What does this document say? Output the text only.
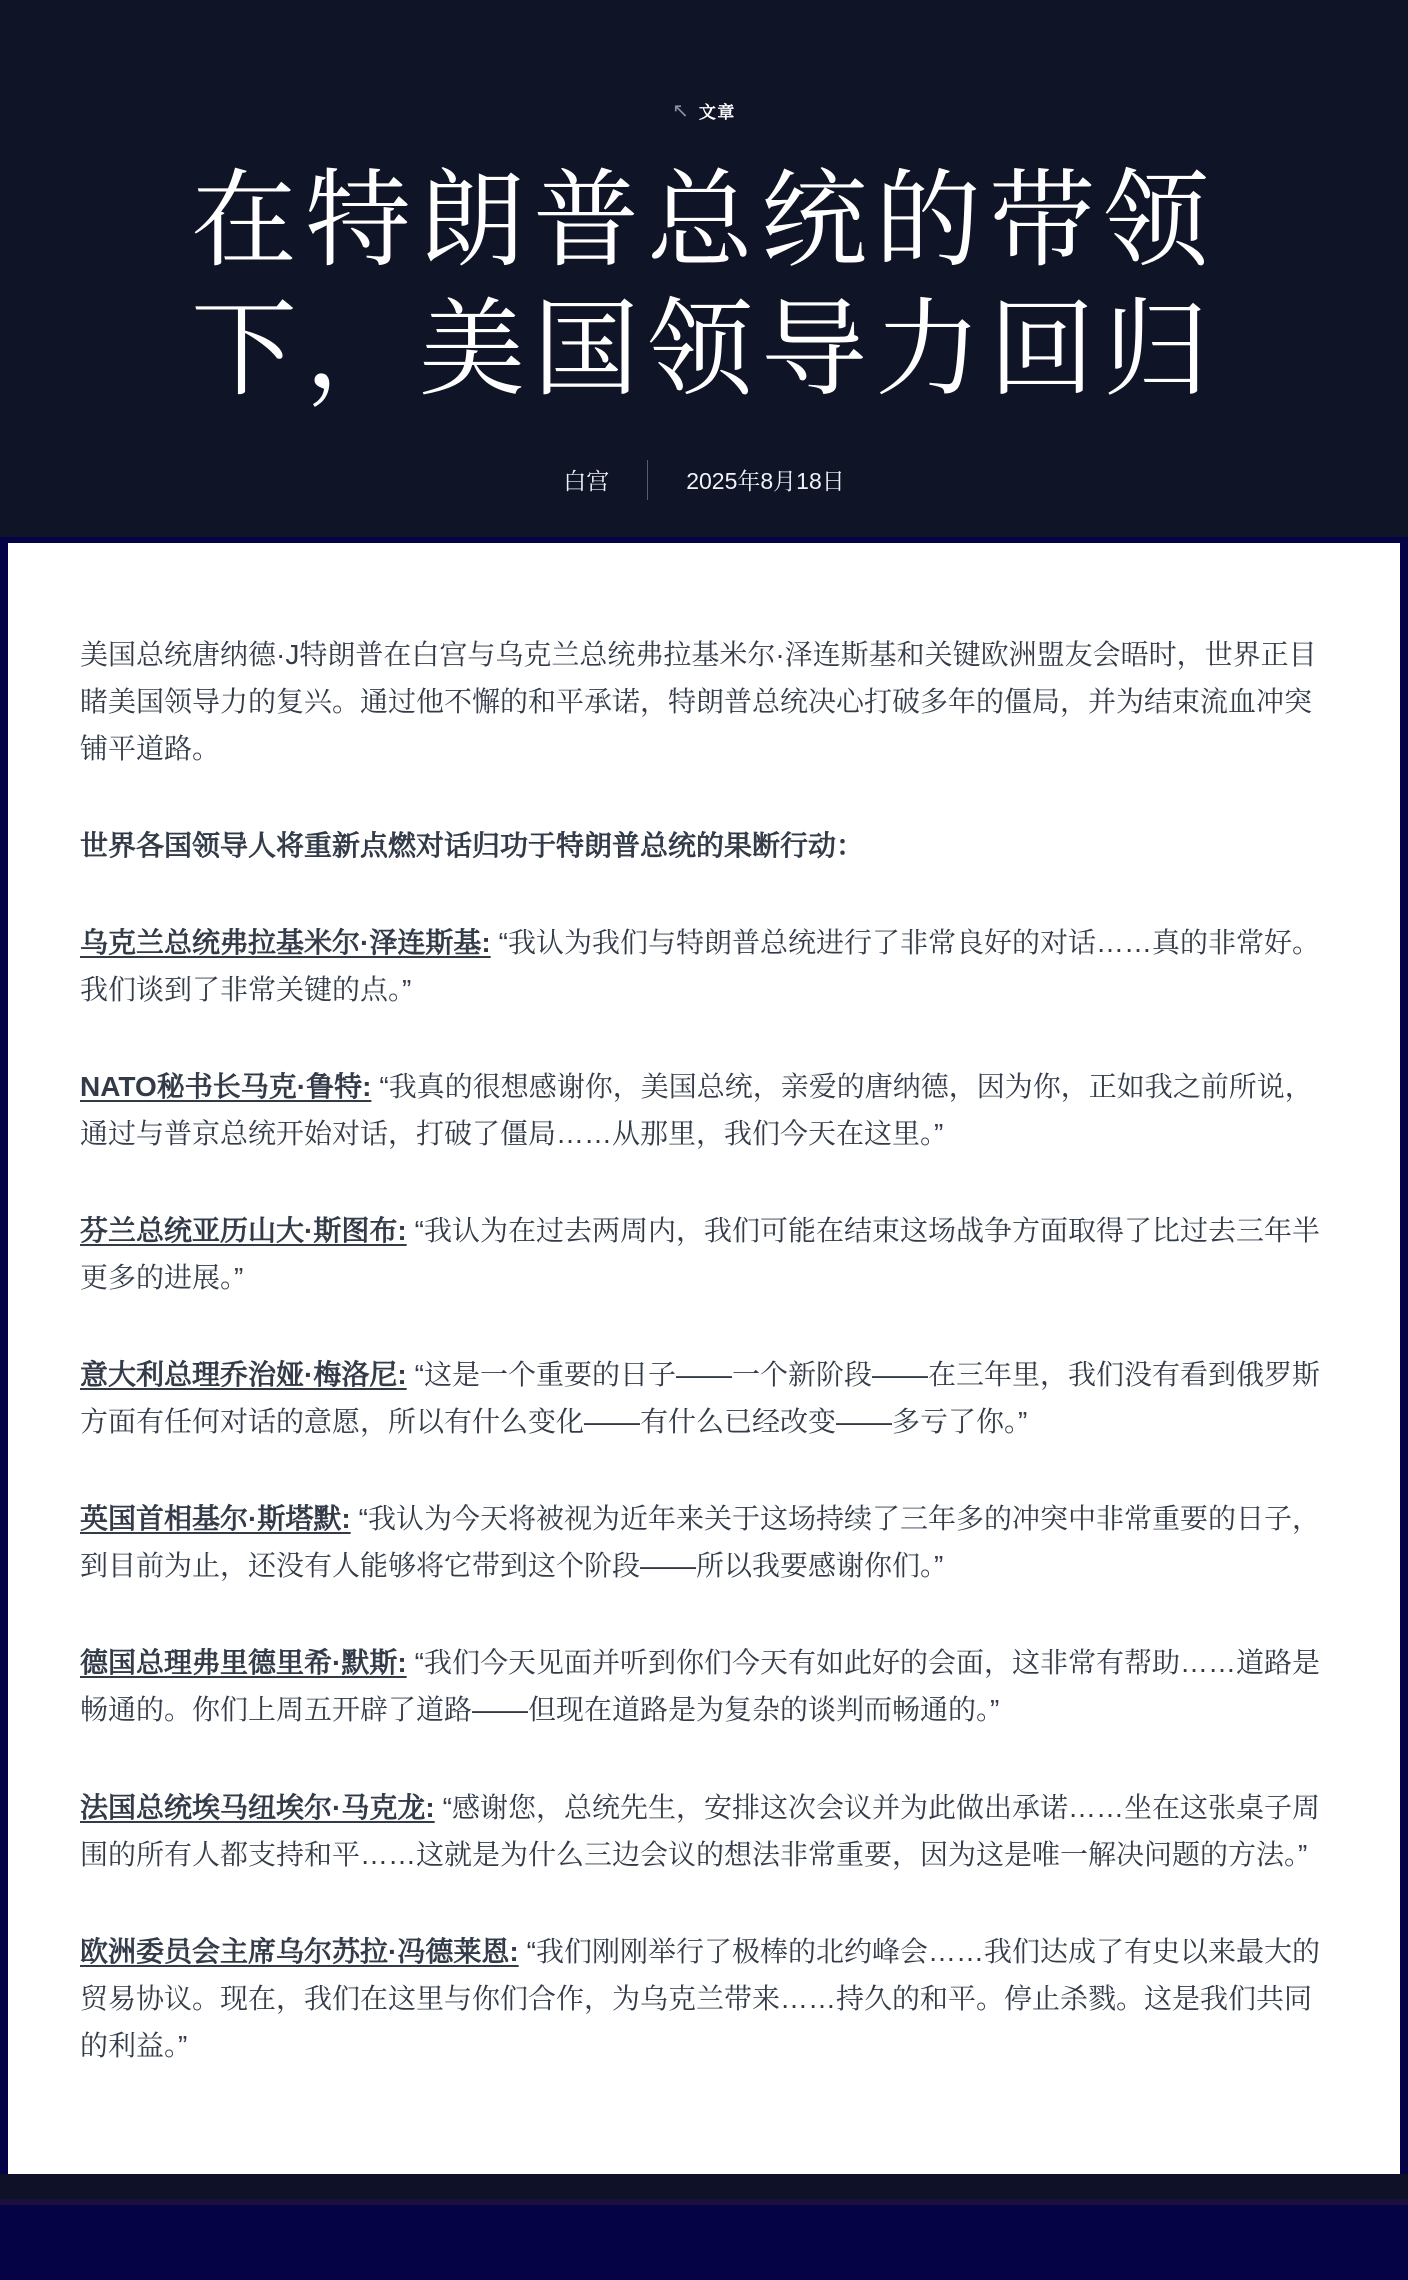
↖ 文章
在特朗普总统的带领
下，美国领导力回归
白宫	2025年8月18日

美国总统唐纳德·J特朗普在白宫与乌克兰总统弗拉基米尔·泽连斯基和关键欧洲盟友会晤时，世界正目睹美国领导力的复兴。通过他不懈的和平承诺，特朗普总统决心打破多年的僵局，并为结束流血冲突铺平道路。

世界各国领导人将重新点燃对话归功于特朗普总统的果断行动：

乌克兰总统弗拉基米尔·泽连斯基: “我认为我们与特朗普总统进行了非常良好的对话……真的非常好。我们谈到了非常关键的点。”

NATO秘书长马克·鲁特: “我真的很想感谢你，美国总统，亲爱的唐纳德，因为你，正如我之前所说，通过与普京总统开始对话，打破了僵局……从那里，我们今天在这里。”

芬兰总统亚历山大·斯图布: “我认为在过去两周内，我们可能在结束这场战争方面取得了比过去三年半更多的进展。”

意大利总理乔治娅·梅洛尼: “这是一个重要的日子——一个新阶段——在三年里，我们没有看到俄罗斯方面有任何对话的意愿，所以有什么变化——有什么已经改变——多亏了你。”

英国首相基尔·斯塔默: “我认为今天将被视为近年来关于这场持续了三年多的冲突中非常重要的日子，到目前为止，还没有人能够将它带到这个阶段——所以我要感谢你们。”

德国总理弗里德里希·默斯: “我们今天见面并听到你们今天有如此好的会面，这非常有帮助……道路是畅通的。你们上周五开辟了道路——但现在道路是为复杂的谈判而畅通的。”

法国总统埃马纽埃尔·马克龙: “感谢您，总统先生，安排这次会议并为此做出承诺……坐在这张桌子周围的所有人都支持和平……这就是为什么三边会议的想法非常重要，因为这是唯一解决问题的方法。”

欧洲委员会主席乌尔苏拉·冯德莱恩: “我们刚刚举行了极棒的北约峰会……我们达成了有史以来最大的贸易协议。现在，我们在这里与你们合作，为乌克兰带来……持久的和平。停止杀戮。这是我们共同的利益。”
